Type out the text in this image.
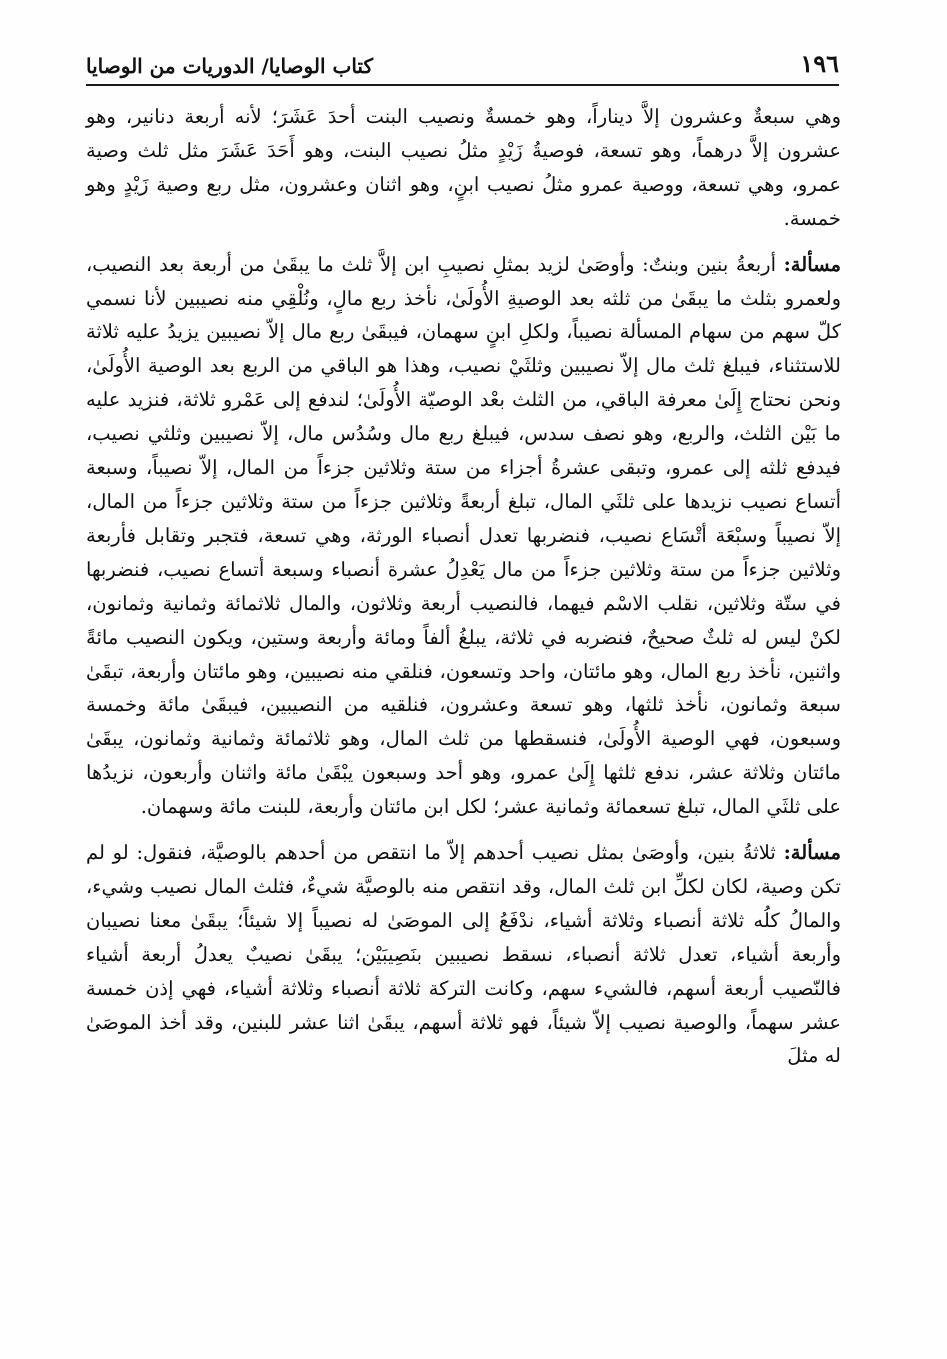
١٩٦
كتاب الوصايا/ الدوريات من الوصايا

وهي سبعةٌ وعشرون إلاَّ ديناراً، وهو خمسةٌ ونصيب البنت أحدَ عَشَرَ؛ لأنه أربعة دنانير، وهو عشرون إلاَّ درهماً، وهو تسعة، فوصيةُ زَيْدٍ مثلُ نصيب البنت، وهو أَحَدَ عَشَرَ مثل ثلث وصية عمرو، وهي تسعة، ووصية عمرو مثلُ نصيب ابنٍ، وهو اثنان وعشرون، مثل ربع وصية زَيْدٍ وهو خمسة.

مسألة: أربعةُ بنين وبنتٌ: وأوصَىٰ لزيد بمثلِ نصيبِ ابن إلاَّ ثلث ما يبقَىٰ من أربعة بعد النصيب، ولعمرو بثلث ما يبقَىٰ من ثلثه بعد الوصيةِ الأُولَىٰ، نأخذ ربع مالٍ، ونُلْقِي منه نصيبين لأنا نسمي كلّ سهم من سهام المسألة نصيباً، ولكلِ ابنٍ سهمان، فيبقَىٰ ربع مال إلاّ نصيبين يزيدُ عليه ثلاثة للاستثناء، فيبلغ ثلث مال إلاّ نصيبين وثلثَيْ نصيب، وهذا هو الباقي من الربع بعد الوصية الأُولَىٰ، ونحن نحتاج إِلَىٰ معرفة الباقي، من الثلث بعْد الوصيّة الأُولَىٰ؛ لندفع إلى عَمْرو ثلاثة، فنزيد عليه ما بَيْن الثلث، والربع، وهو نصف سدس، فيبلغ ربع مال وسُدُس مال، إلاّ نصيبين وثلثي نصيب، فيدفع ثلثه إلى عمرو، وتبقى عشرةُ أجزاء من ستة وثلاثين جزءاً من المال، إلاّ نصيباً، وسبعة أتساع نصيب نزيدها على ثلثَي المال، تبلغ أربعةً وثلاثين جزءاً من ستة وثلاثين جزءاً من المال، إلاّ نصيباً وسبْعَة أتْسَاع نصيب، فنضربها تعدل أنصباء الورثة، وهي تسعة، فتجبر وتقابل فأربعة وثلاثين جزءاً من ستة وثلاثين جزءاً من مال يَعْدِلُ عشرة أنصباء وسبعة أتساع نصيب، فنضربها في ستّة وثلاثين، نقلب الاسْم فيهما، فالنصيب أربعة وثلاثون، والمال ثلاثمائة وثمانية وثمانون، لكنْ ليس له ثلثٌ صحيحٌ، فنضربه في ثلاثة، يبلغُ ألفاً ومائة وأربعة وستين، ويكون النصيب مائةً واثنين، نأخذ ربع المال، وهو مائتان، واحد وتسعون، فنلقي منه نصيبين، وهو مائتان وأربعة، تبقَىٰ سبعة وثمانون، نأخذ ثلثها، وهو تسعة وعشرون، فنلقيه من النصيبين، فيبقَىٰ مائة وخمسة وسبعون، فهي الوصية الأُولَىٰ، فنسقطها من ثلث المال، وهو ثلاثمائة وثمانية وثمانون، يبقَىٰ مائتان وثلاثة عشر، ندفع ثلثها إِلَىٰ عمرو، وهو أحد وسبعون يبْقَىٰ مائة واثنان وأربعون، نزيدُها على ثلثَي المال، تبلغ تسعمائة وثمانية عشر؛ لكل ابن مائتان وأربعة، للبنت مائة وسهمان.

مسألة: ثلاثةُ بنين، وأوصَىٰ بمثل نصيب أحدهم إلاّ ما انتقص من أحدهم بالوصيَّة، فنقول: لو لم تكن وصية، لكان لكلِّ ابن ثلث المال، وقد انتقص منه بالوصيَّة شيءٌ، فثلث المال نصيب وشيء، والمالُ كلُه ثلاثة أنصباء وثلاثة أشياء، ندْفَعُ إلى الموصَىٰ له نصيباً إلا شيئاً؛ يبقَىٰ معنا نصيبان وأربعة أشياء، تعدل ثلاثة أنصباء، نسقط نصيبين بنَصِيبَيْن؛ يبقَىٰ نصيبٌ يعدلُ أربعة أشياء فالنّصيب أربعة أسهم، فالشيء سهم، وكانت التركة ثلاثة أنصباء وثلاثة أشياء، فهي إذن خمسة عشر سهماً، والوصية نصيب إلاّ شيئاً، فهو ثلاثة أسهم، يبقَىٰ اثنا عشر للبنين، وقد أخذ الموصَىٰ له مثلَ
